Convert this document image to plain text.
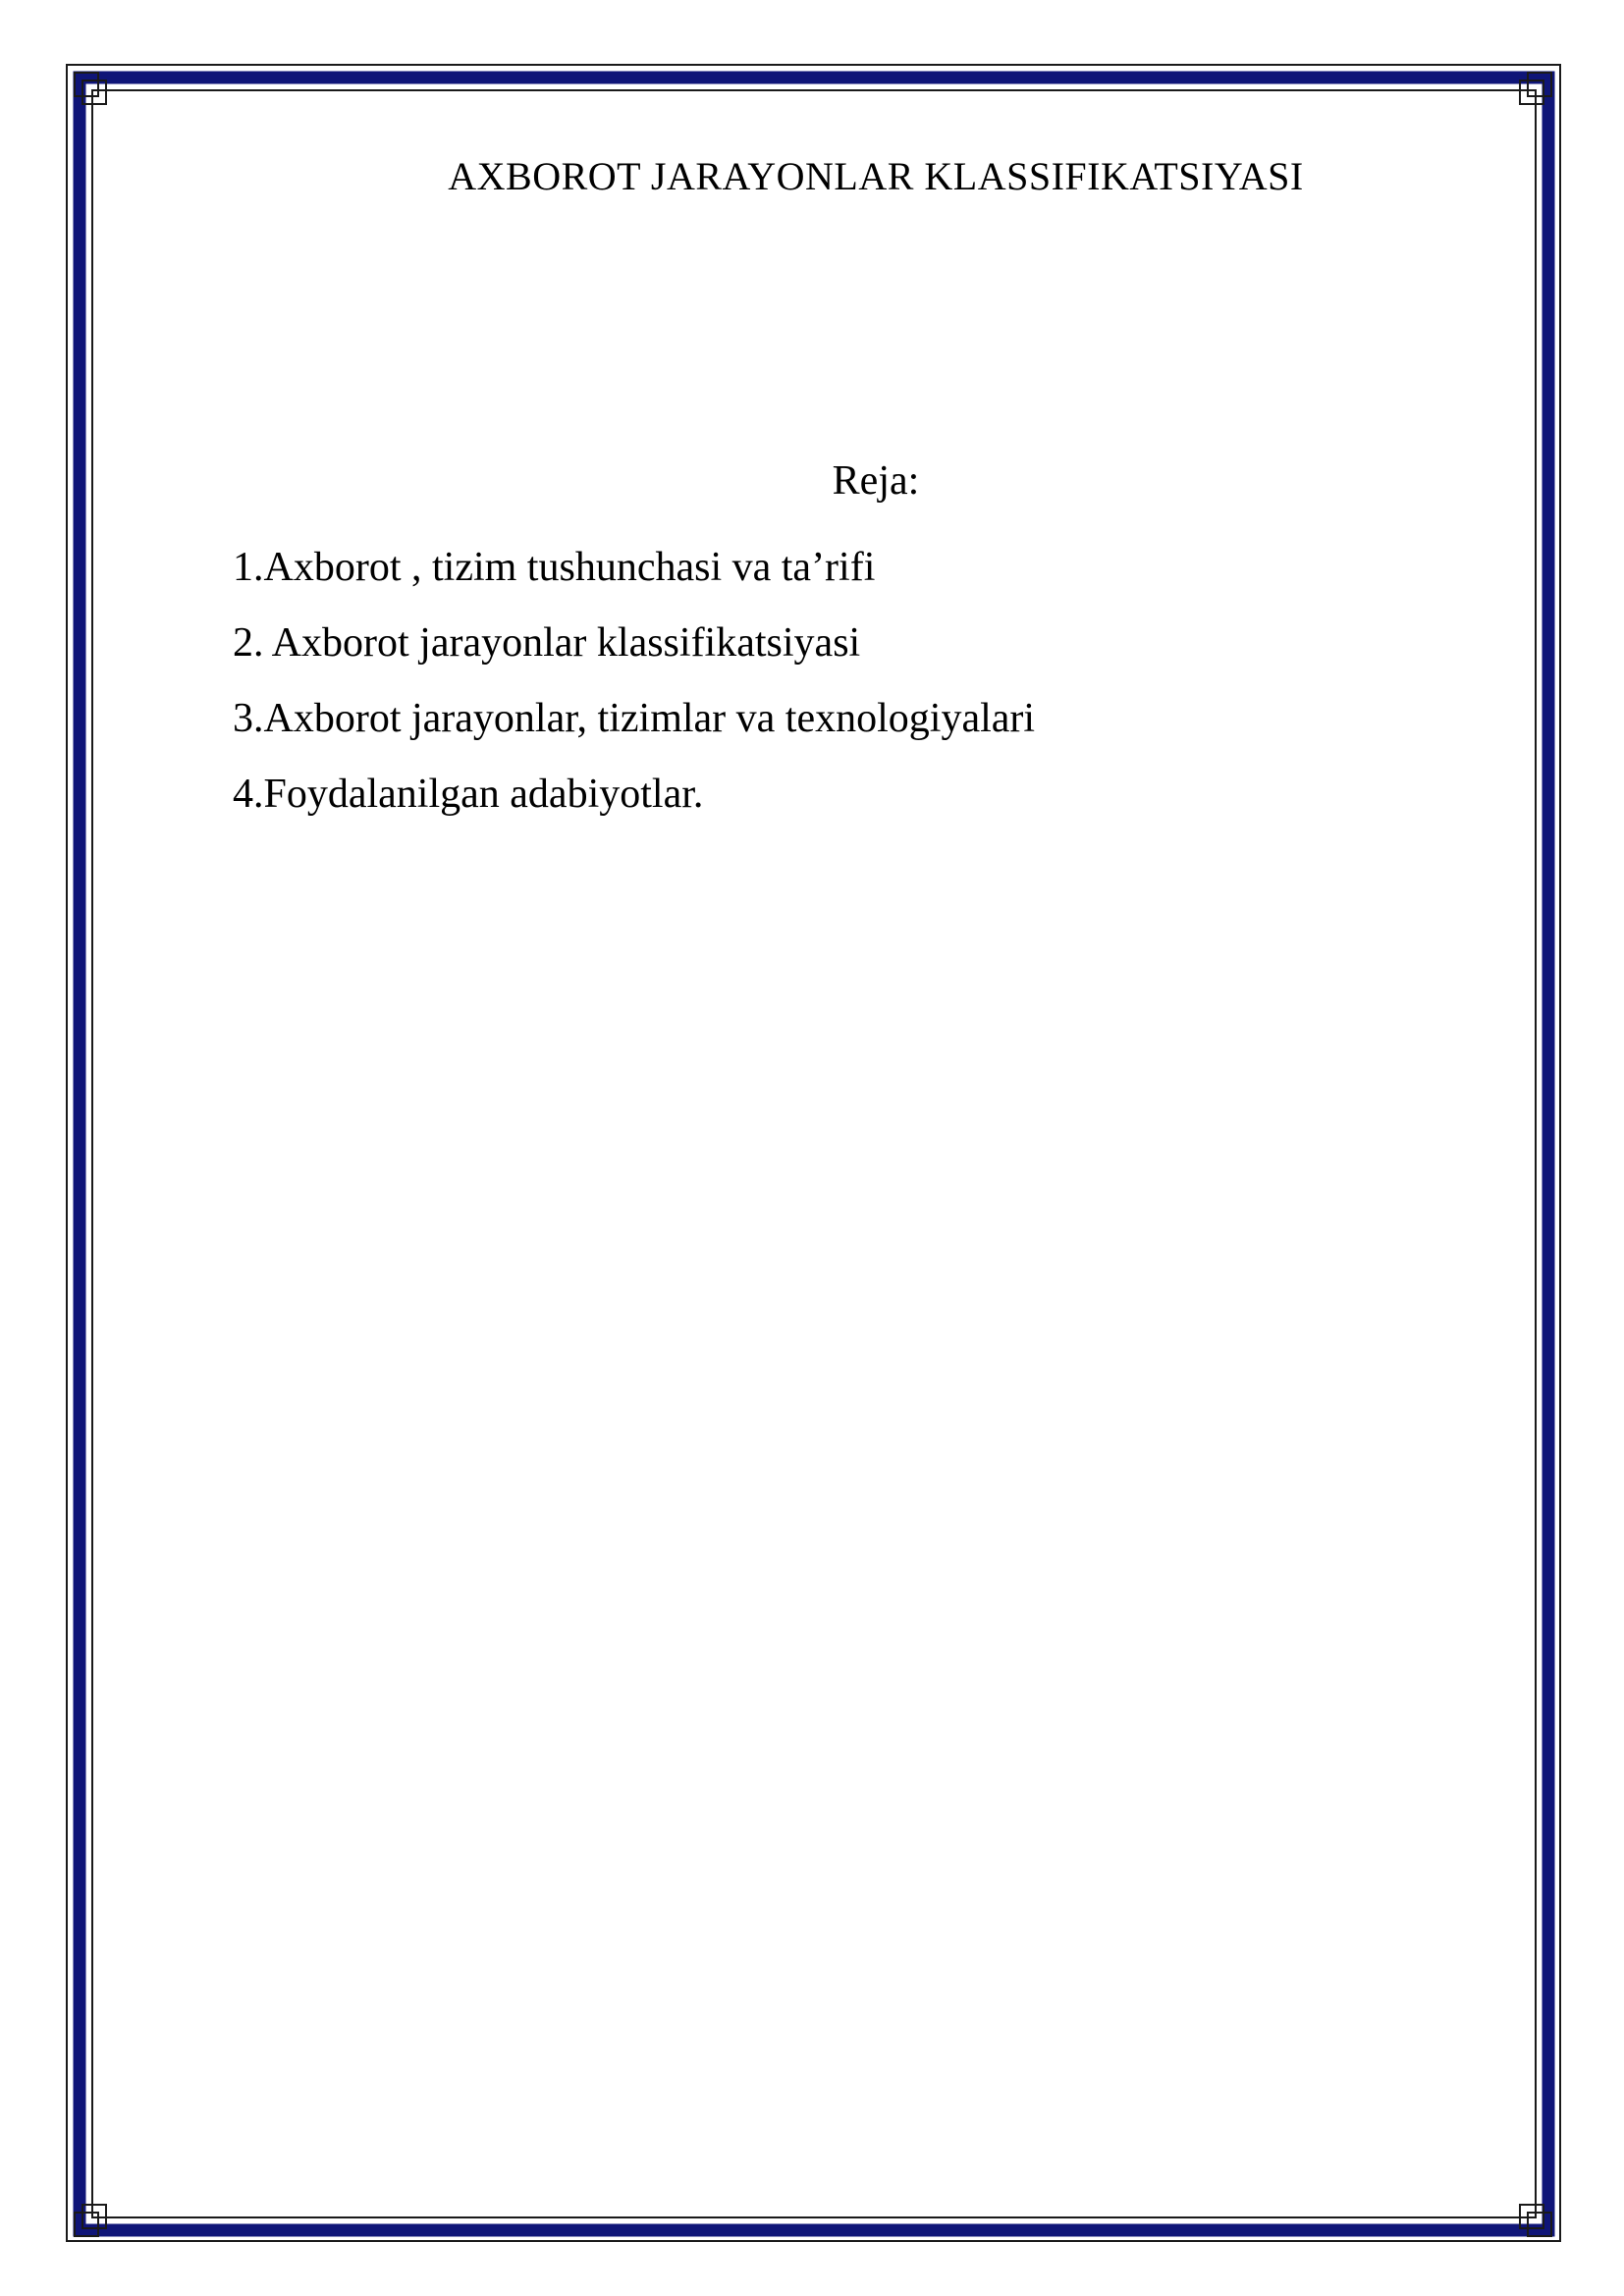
AXBOROT JARAYONLAR KLASSIFIKATSIYASI
Reja:
1.Axborot , tizim tushunchasi va ta’rifi
2. Axborot jarayonlar klassifikatsiyasi
3.Axborot jarayonlar, tizimlar va texnologiyalari
4.Foydalanilgan adabiyotlar.
